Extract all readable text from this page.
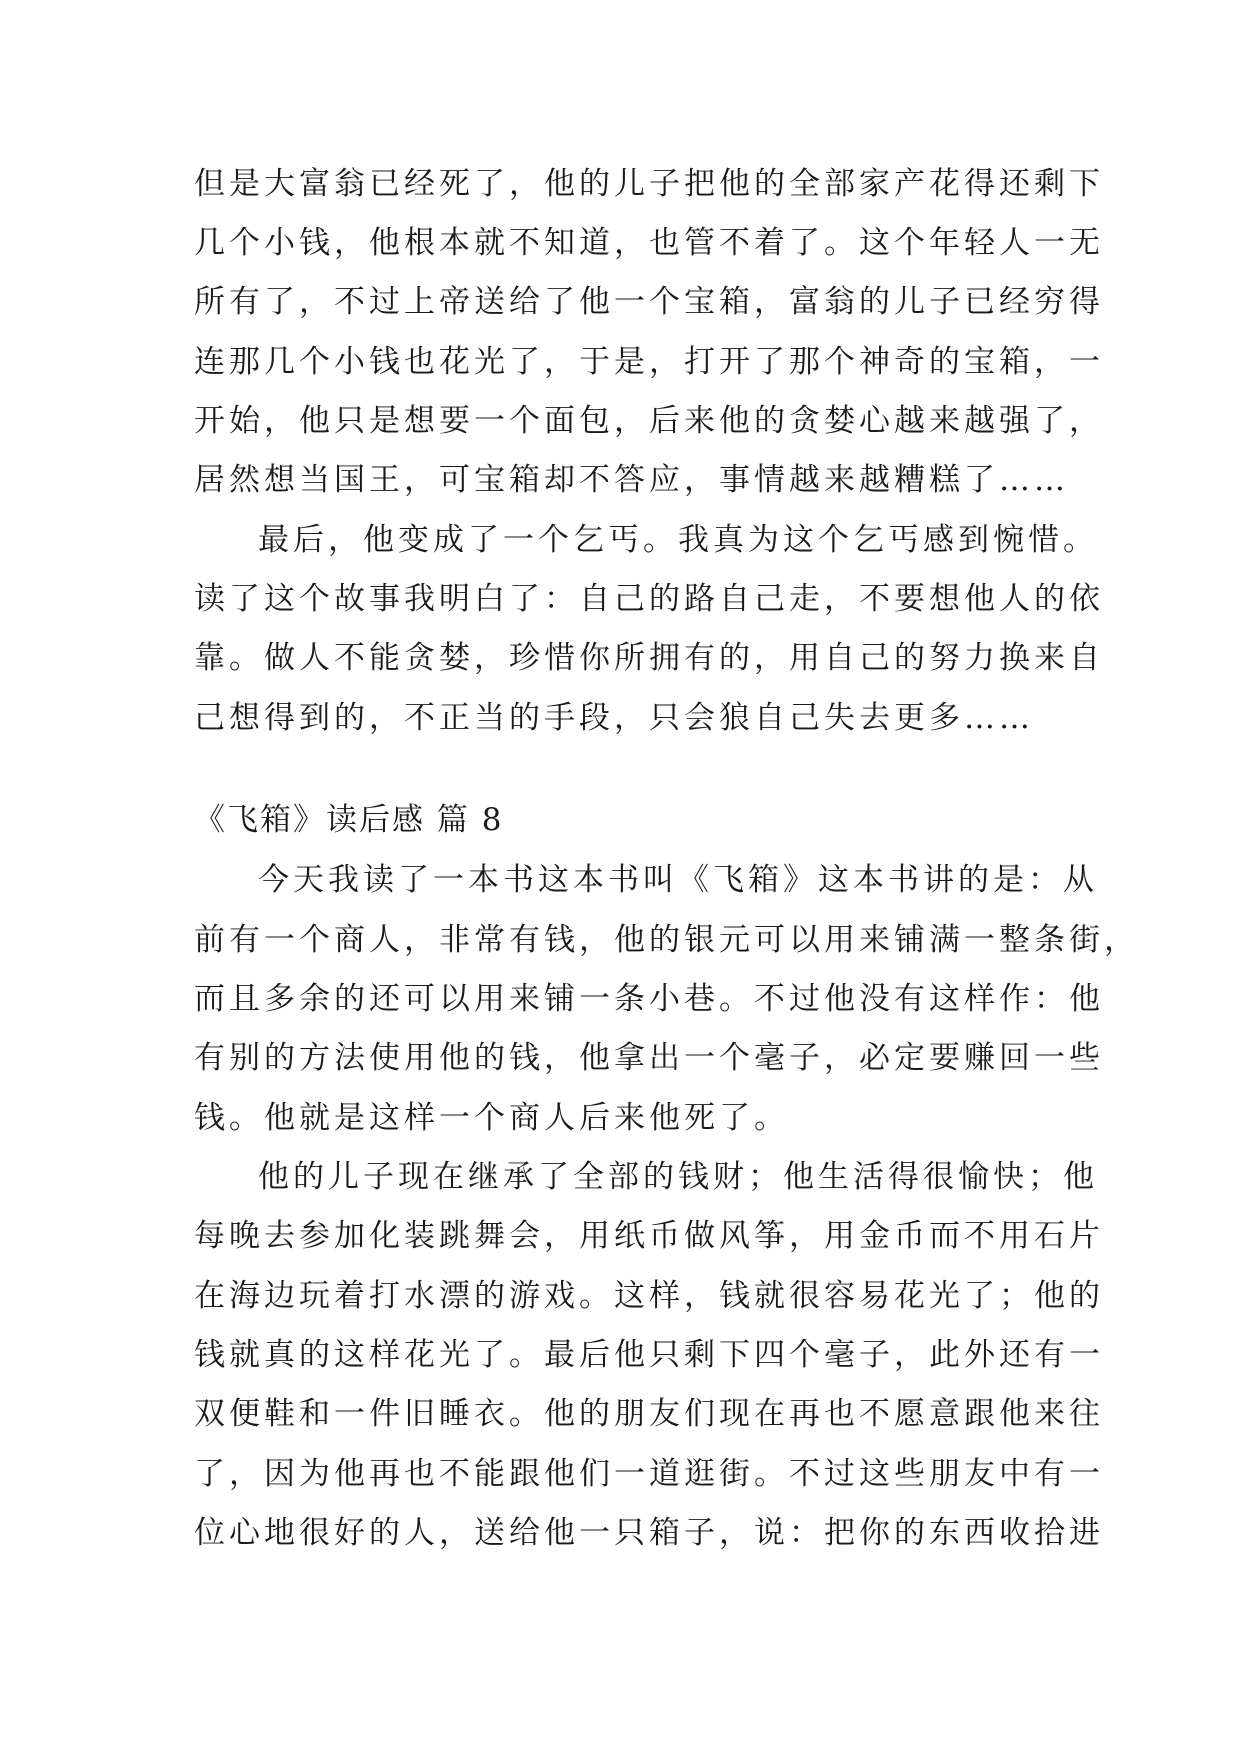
但是大富翁已经死了，他的儿子把他的全部家产花得还剩下
几个小钱，他根本就不知道，也管不着了。这个年轻人一无
所有了，不过上帝送给了他一个宝箱，富翁的儿子已经穷得
连那几个小钱也花光了，于是，打开了那个神奇的宝箱，一
开始，他只是想要一个面包，后来他的贪婪心越来越强了，
居然想当国王，可宝箱却不答应，事情越来越糟糕了……
最后，他变成了一个乞丐。我真为这个乞丐感到惋惜。
读了这个故事我明白了：自己的路自己走，不要想他人的依
靠。做人不能贪婪，珍惜你所拥有的，用自己的努力换来自
己想得到的，不正当的手段，只会狼自己失去更多……
《飞箱》读后感 篇 8
今天我读了一本书这本书叫《飞箱》这本书讲的是：从
前有一个商人，非常有钱，他的银元可以用来铺满一整条街，
而且多余的还可以用来铺一条小巷。不过他没有这样作：他
有别的方法使用他的钱，他拿出一个毫子，必定要赚回一些
钱。他就是这样一个商人后来他死了。
他的儿子现在继承了全部的钱财；他生活得很愉快；他
每晚去参加化装跳舞会，用纸币做风筝，用金币而不用石片
在海边玩着打水漂的游戏。这样，钱就很容易花光了；他的
钱就真的这样花光了。最后他只剩下四个毫子，此外还有一
双便鞋和一件旧睡衣。他的朋友们现在再也不愿意跟他来往
了，因为他再也不能跟他们一道逛街。不过这些朋友中有一
位心地很好的人，送给他一只箱子，说：把你的东西收拾进
